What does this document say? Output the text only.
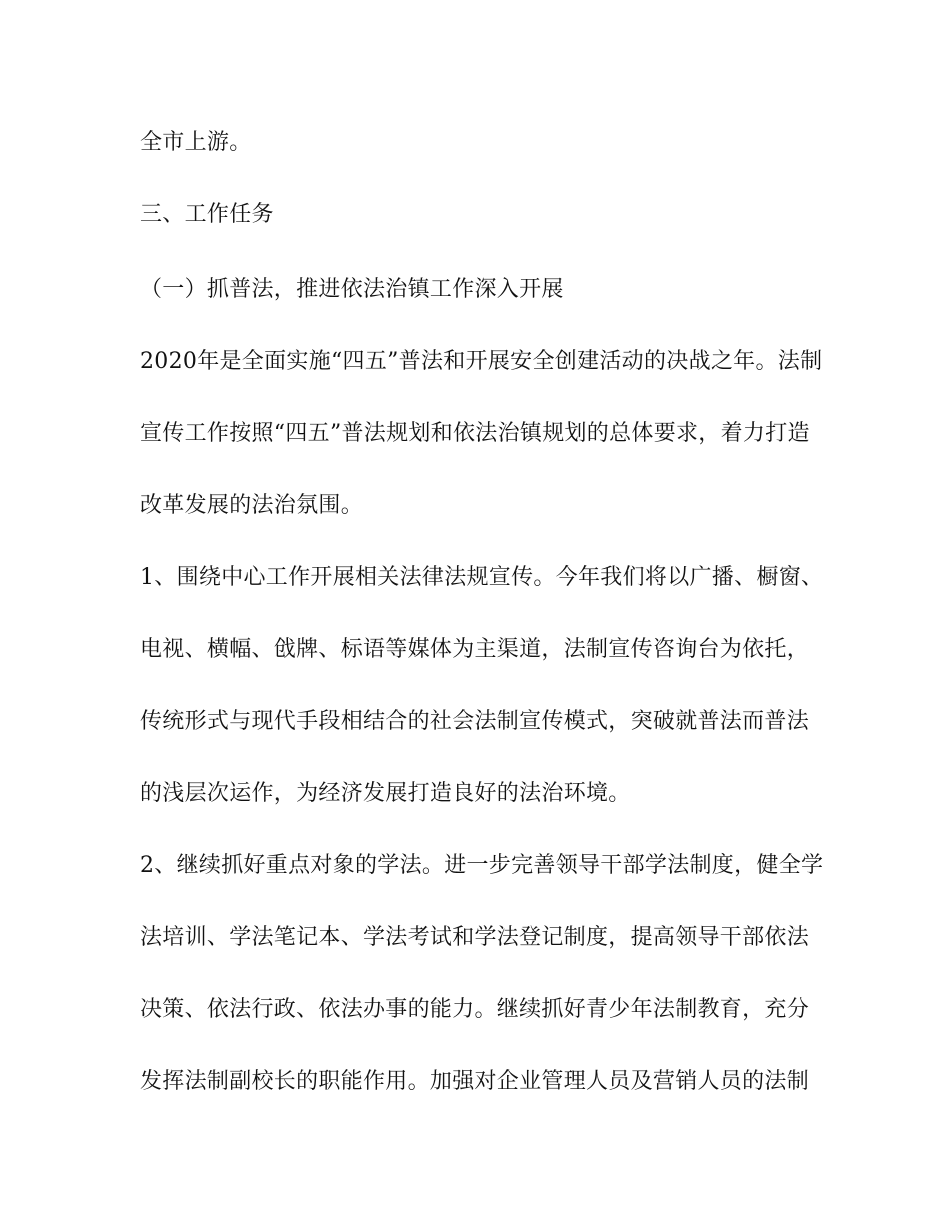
全市上游。
三、工作任务
（一）抓普法，推进依法治镇工作深入开展
2020年是全面实施“四五”普法和开展安全创建活动的决战之年。法制
宣传工作按照“四五”普法规划和依法治镇规划的总体要求，着力打造
改革发展的法治氛围。
1、围绕中心工作开展相关法律法规宣传。今年我们将以广播、橱窗、
电视、横幅、戗牌、标语等媒体为主渠道，法制宣传咨询台为依托，
传统形式与现代手段相结合的社会法制宣传模式，突破就普法而普法
的浅层次运作，为经济发展打造良好的法治环境。
2、继续抓好重点对象的学法。进一步完善领导干部学法制度，健全学
法培训、学法笔记本、学法考试和学法登记制度，提高领导干部依法
决策、依法行政、依法办事的能力。继续抓好青少年法制教育，充分
发挥法制副校长的职能作用。加强对企业管理人员及营销人员的法制
